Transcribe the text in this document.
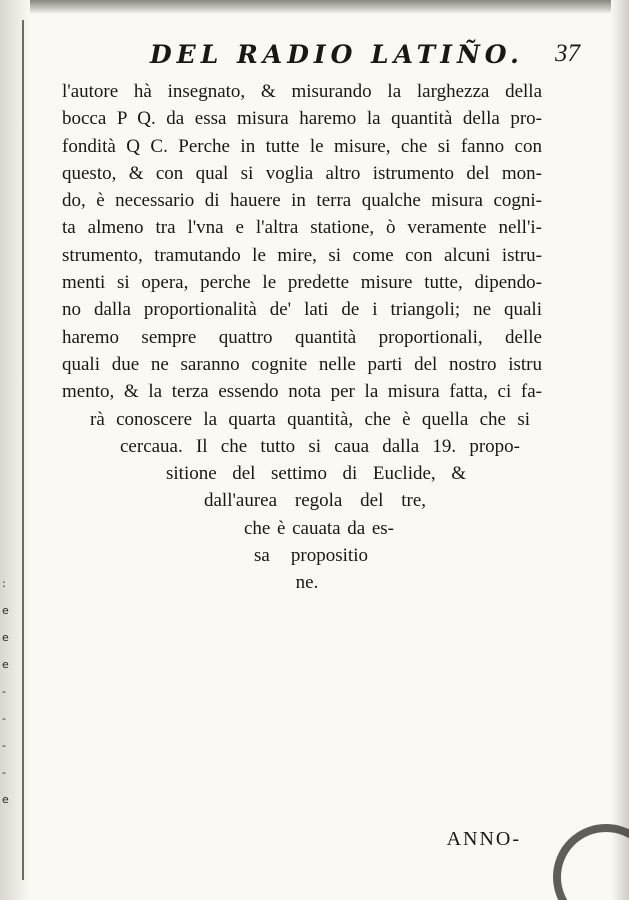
:
e
e
e
-
-
-
-
e
DEL RADIO LATIÑO. 37
l'autore hà insegnato, & misurando la larghezza della
bocca P Q. da essa misura haremo la quantità della pro-
fondità Q C. Perche in tutte le misure, che si fanno con
questo, & con qual si voglia altro istrumento del mon-
do, è necessario di hauere in terra qualche misura cogni-
ta almeno tra l'vna e l'altra statione, ò veramente nell'i-
strumento, tramutando le mire, si come con alcuni istru-
menti si opera, perche le predette misure tutte, dipendo-
no dalla proportionalità de' lati de i triangoli; ne quali
haremo sempre quattro quantità proportionali, delle
quali due ne saranno cognite nelle parti del nostro istru
mento, & la terza essendo nota per la misura fatta, ci fa-
rà conoscere la quarta quantità, che è quella che si
cercaua. Il che tutto si caua dalla 19. propo-
sitione del settimo di Euclide, &
dall'aurea regola del tre,
che è cauata da es-
sa propositio
ne.
ANNO-
